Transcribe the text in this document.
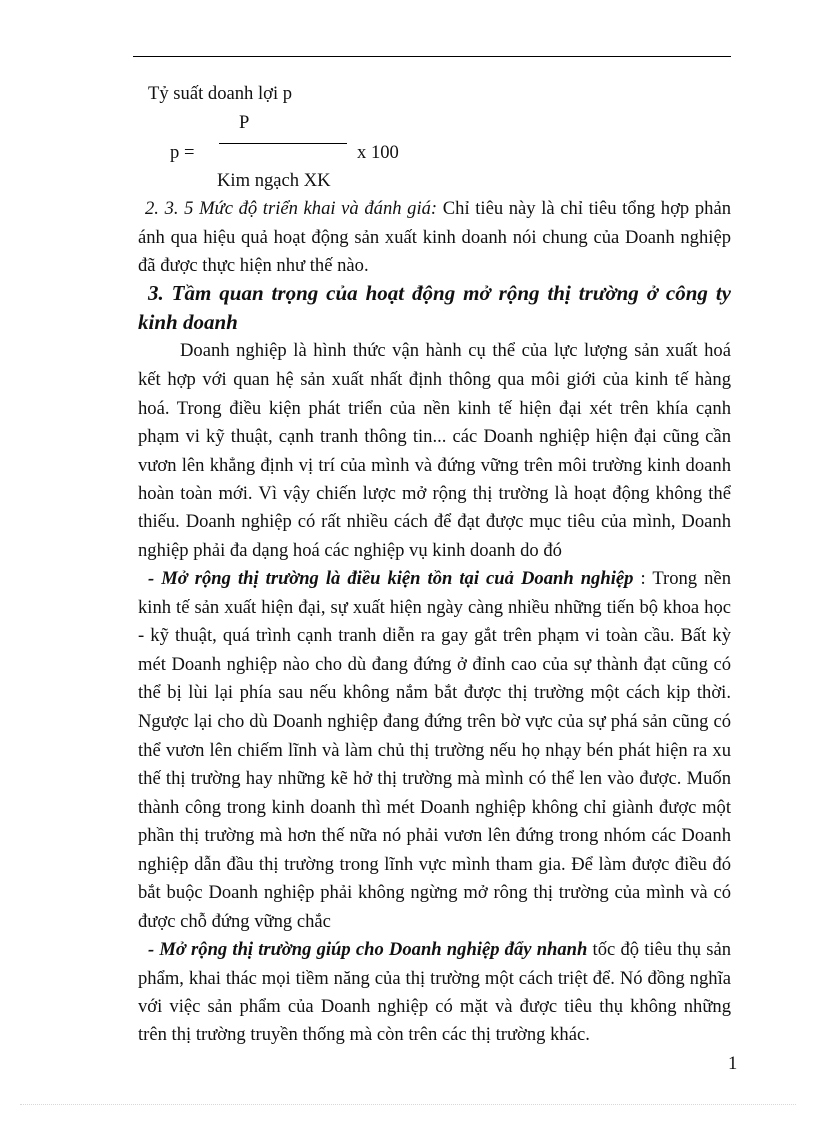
Tỷ suất doanh lợi p
P
p =	x 100
Kim ngạch XK
2. 3. 5 Mức độ triển khai và đánh giá: Chỉ tiêu này là chỉ tiêu tổng hợp phản
ánh qua hiệu quả hoạt động sản xuất kinh doanh nói chung của Doanh nghiệp
đã được thực hiện như thế nào.
3. Tầm quan trọng của hoạt động mở rộng thị trường ở công ty
kinh doanh
Doanh nghiệp là hình thức vận hành cụ thể của lực lượng sản xuất hoá
kết hợp với quan hệ sản xuất nhất định thông qua môi giới của kinh tế hàng
hoá. Trong điều kiện phát triển của nền kinh tế hiện đại xét trên khía cạnh
phạm vi kỹ thuật, cạnh tranh thông tin... các Doanh nghiệp hiện đại cũng cần
vươn lên khẳng định vị trí của mình và đứng vững trên môi trường kinh doanh
hoàn toàn mới. Vì vậy chiến lược mở rộng thị trường là hoạt động không thể
thiếu. Doanh nghiệp có rất nhiều cách để đạt được mục tiêu của mình, Doanh
nghiệp phải đa dạng hoá các nghiệp vụ kinh doanh do đó
- Mở rộng thị trường là điều kiện tồn tại cuả Doanh nghiệp : Trong nền
kinh tế sản xuất hiện đại, sự xuất hiện ngày càng nhiều những tiến bộ khoa học
- kỹ thuật, quá trình cạnh tranh diễn ra gay gắt trên phạm vi toàn cầu. Bất kỳ
mét Doanh nghiệp nào cho dù đang đứng ở đỉnh cao của sự thành đạt cũng có
thể bị lùi lại phía sau nếu không nắm bắt được thị trường một cách kịp thời.
Ngược lại cho dù Doanh nghiệp đang đứng trên bờ vực của sự phá sản cũng có
thể vươn lên chiếm lĩnh và làm chủ thị trường nếu họ nhạy bén phát hiện ra xu
thế thị trường hay những kẽ hở thị trường mà mình có thể len vào được. Muốn
thành công trong kinh doanh thì mét Doanh nghiệp không chỉ giành được một
phần thị trường mà hơn thế nữa nó phải vươn lên đứng trong nhóm các Doanh
nghiệp dẫn đầu thị trường trong lĩnh vực mình tham gia. Để làm được điều đó
bắt buộc Doanh nghiệp phải không ngừng mở rông thị trường của mình và có
được chỗ đứng vững chắc
- Mở rộng thị trường giúp cho Doanh nghiệp đẩy nhanh tốc độ tiêu thụ sản
phẩm, khai thác mọi tiềm năng của thị trường một cách triệt để. Nó đồng nghĩa
với việc sản phẩm của Doanh nghiệp có mặt và được tiêu thụ không những
trên thị trường truyền thống mà còn trên các thị trường khác.
1
